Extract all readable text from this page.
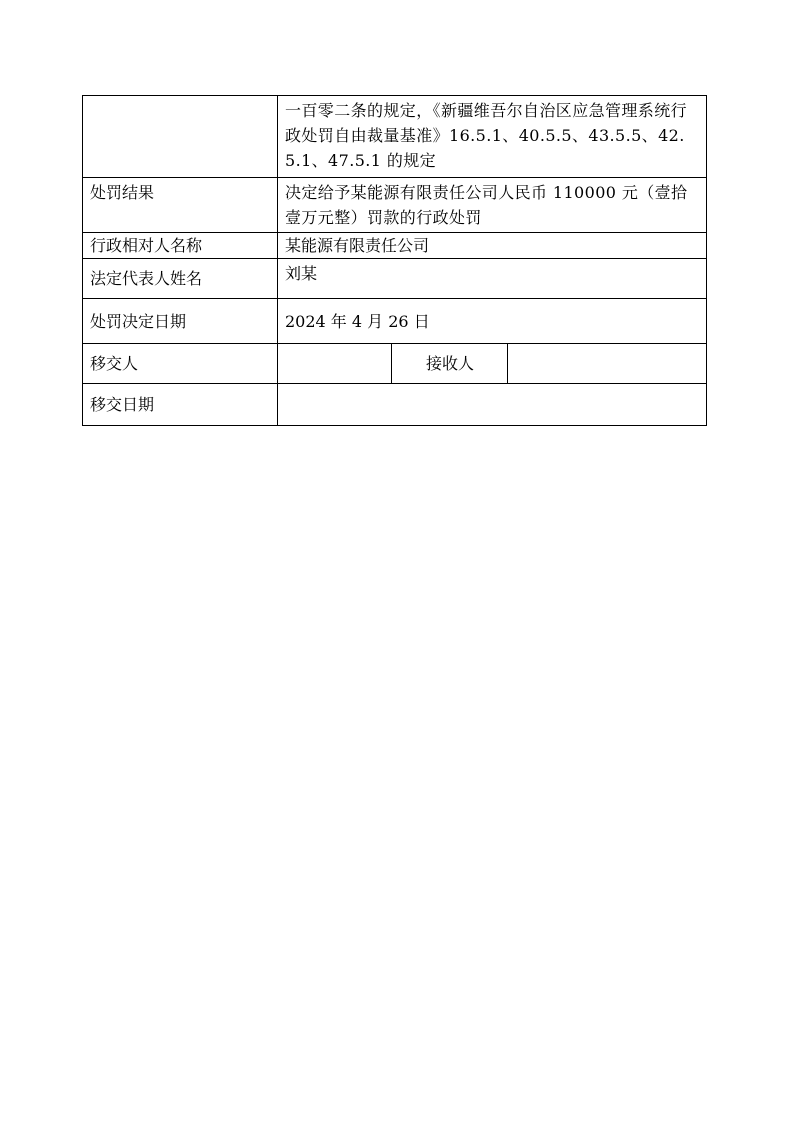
	一百零二条的规定，《新疆维吾尔自治区应急管理系统行政处罚自由裁量基准》16.5.1、40.5.5、43.5.5、42.5.1、47.5.1 的规定		
处罚结果	决定给予某能源有限责任公司人民币 110000 元（壹拾壹万元整）罚款的行政处罚		
行政相对人名称	某能源有限责任公司		
法定代表人姓名	刘某		
处罚决定日期	2024 年 4 月 26 日		
移交人		接收人	
移交日期			
